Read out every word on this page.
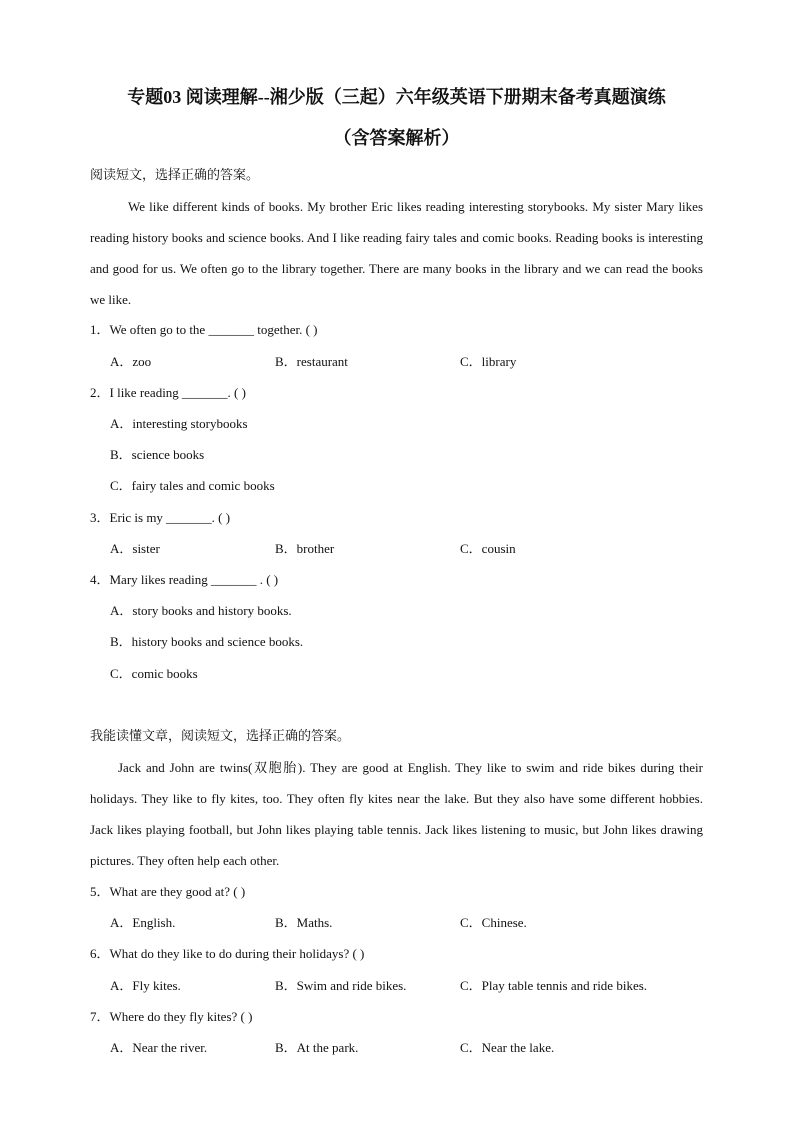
专题03 阅读理解--湘少版（三起）六年级英语下册期末备考真题演练
（含答案解析）
阅读短文，选择正确的答案。
We like different kinds of books. My brother Eric likes reading interesting storybooks. My sister Mary likes reading history books and science books. And I like reading fairy tales and comic books. Reading books is interesting and good for us. We often go to the library together. There are many books in the library and we can read the books we like.
1．We often go to the _______ together. ( )
A．zoo	B．restaurant	C．library
2．I like reading _______. ( )
A．interesting storybooks
B．science books
C．fairy tales and comic books
3．Eric is my _______. ( )
A．sister	B．brother	C．cousin
4．Mary likes reading _______ . ( )
A．story books and history books.
B．history books and science books.
C．comic books
我能读懂文章，阅读短文，选择正确的答案。
Jack and John are twins(双胞胎). They are good at English. They like to swim and ride bikes during their holidays. They like to fly kites, too. They often fly kites near the lake. But they also have some different hobbies. Jack likes playing football, but John likes playing table tennis. Jack likes listening to music, but John likes drawing pictures. They often help each other.
5．What are they good at? ( )
A．English.	B．Maths.	C．Chinese.
6．What do they like to do during their holidays? ( )
A．Fly kites.	B．Swim and ride bikes.	C．Play table tennis and ride bikes.
7．Where do they fly kites? ( )
A．Near the river.	B．At the park.	C．Near the lake.
